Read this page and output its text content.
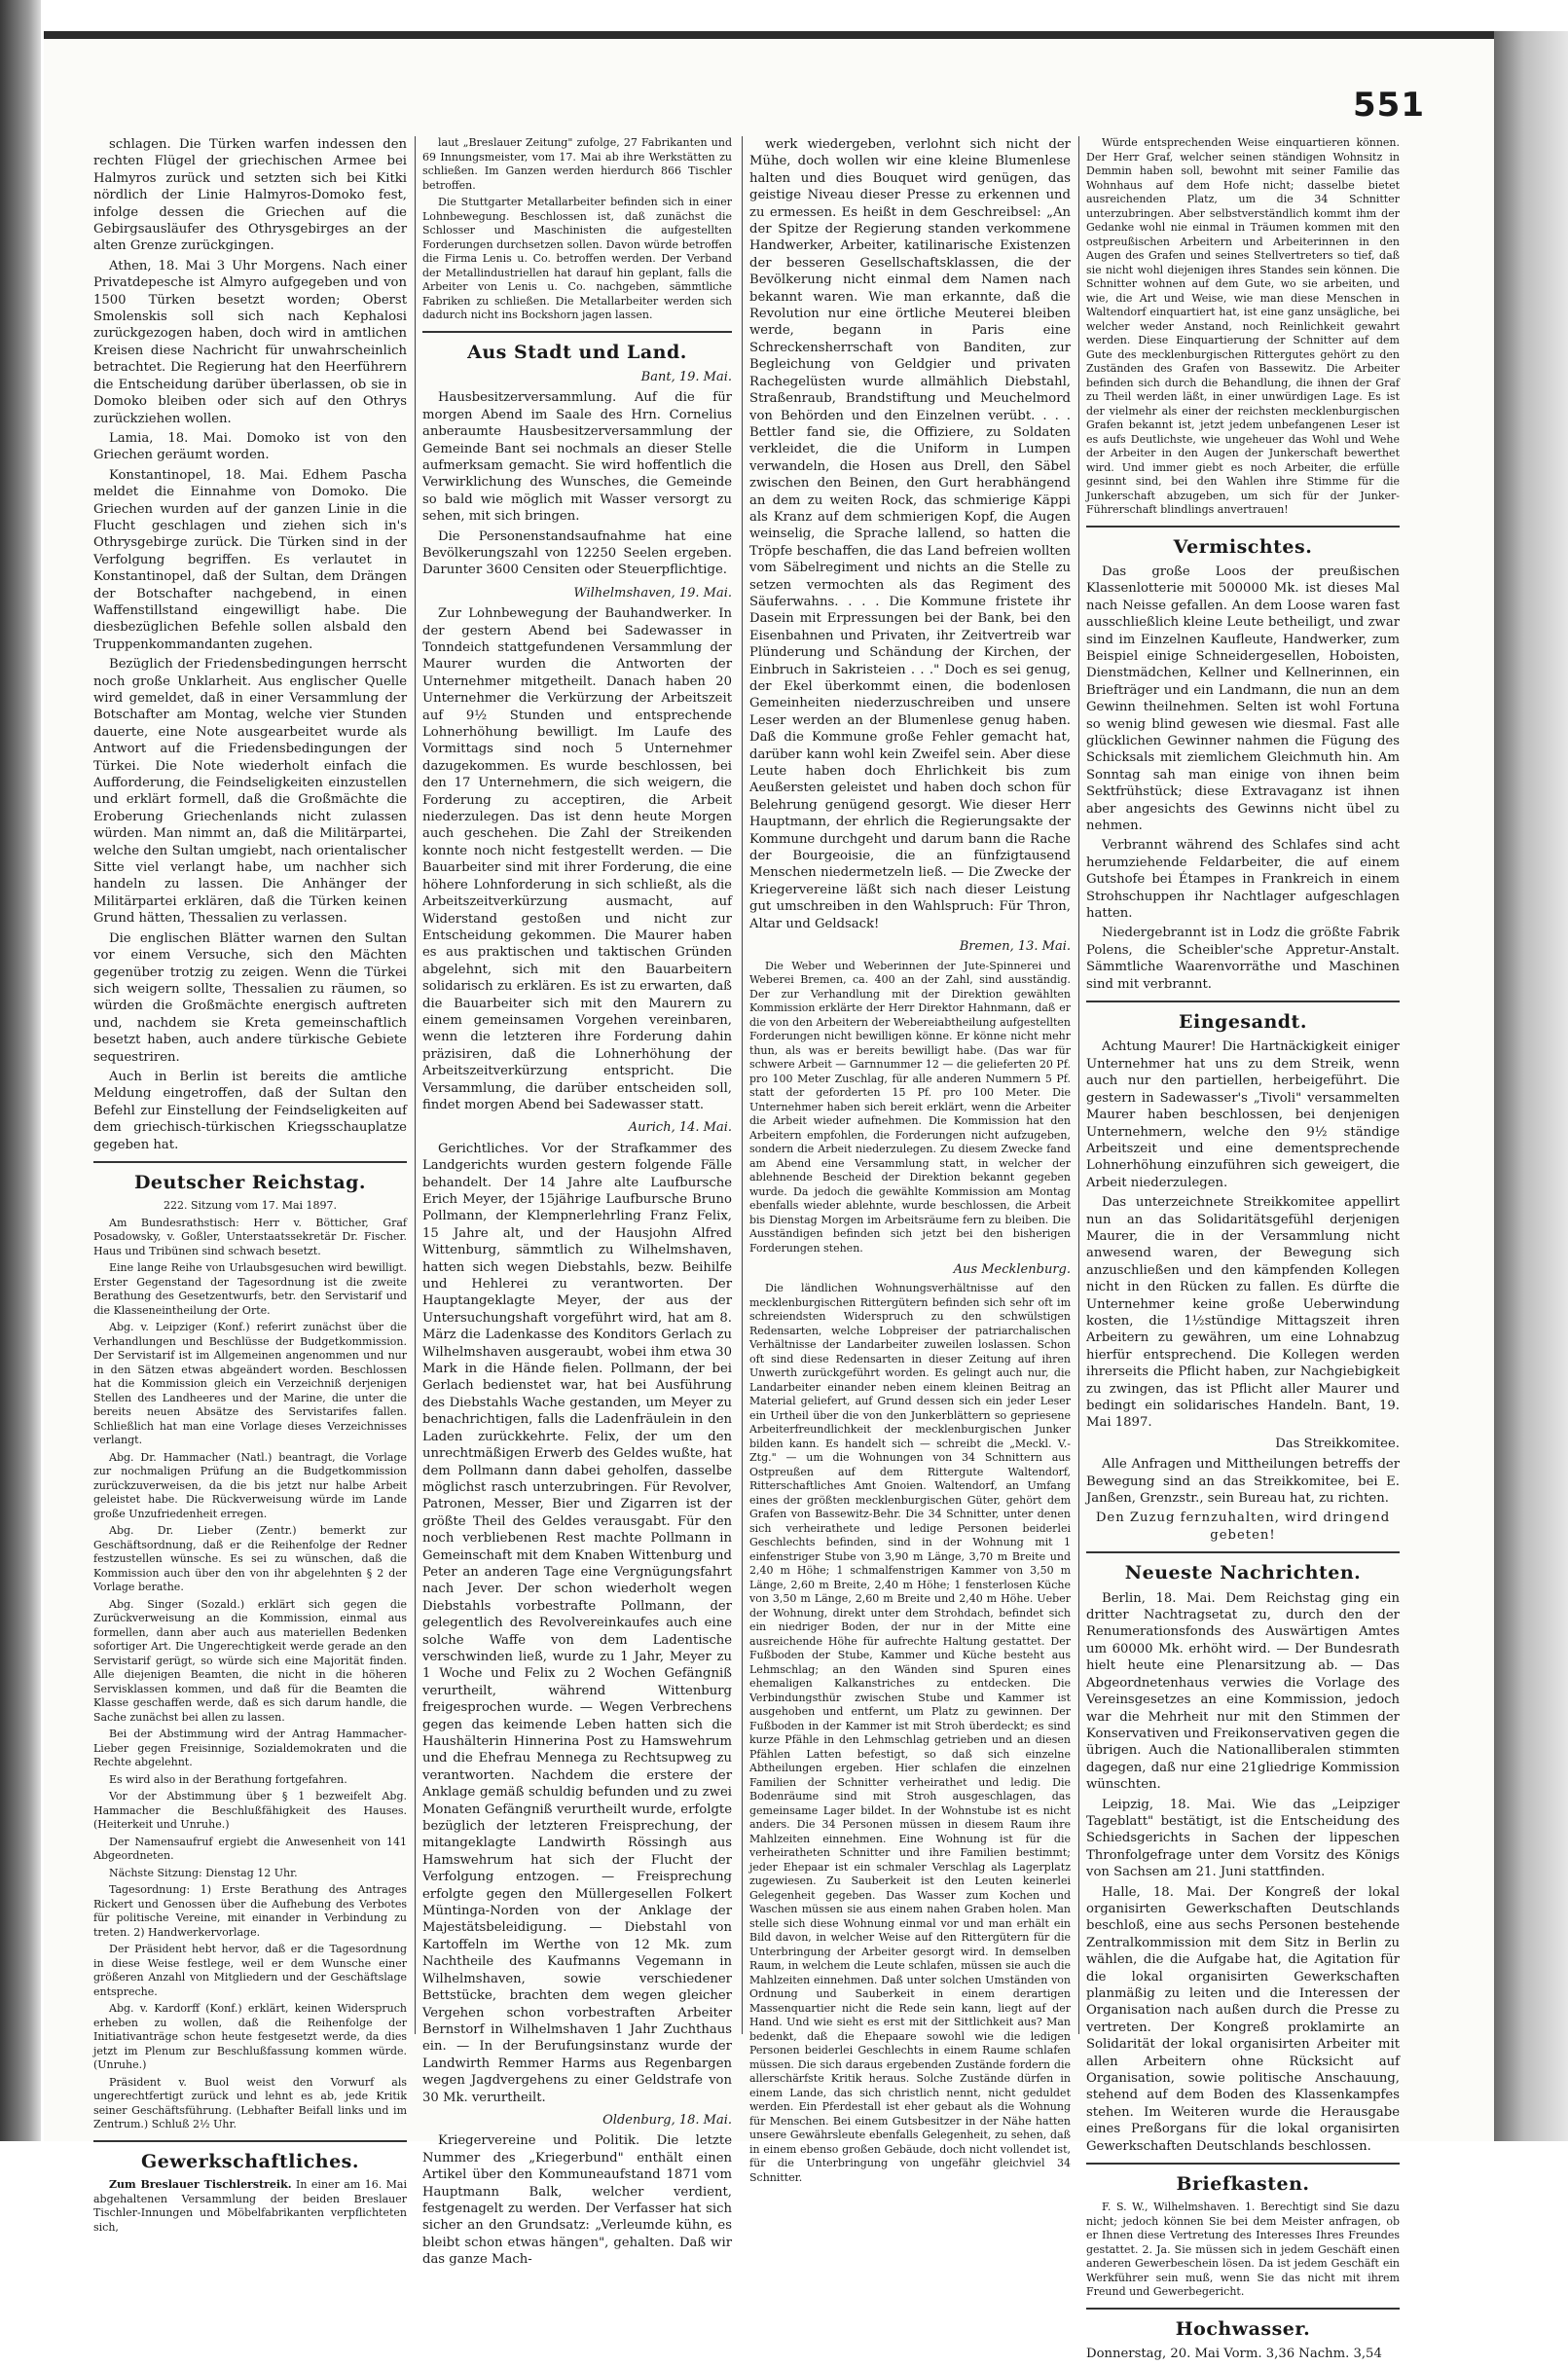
551

schlagen. Die Türken warfen indessen den rechten Flügel der griechischen Armee bei Halmyros zurück und setzten sich bei Kitki nördlich der Linie Halmyros-Domoko fest, infolge dessen die Griechen auf die Gebirgsausläufer des Othrysgebirges an der alten Grenze zurückgingen.

Athen, 18. Mai 3 Uhr Morgens. Nach einer Privatdepesche ist Almyro aufgegeben und von 1500 Türken besetzt worden; Oberst Smolenskis soll sich nach Kephalosi zurückgezogen haben, doch wird in amtlichen Kreisen diese Nachricht für unwahrscheinlich betrachtet. Die Regierung hat den Heerführern die Entscheidung darüber überlassen, ob sie in Domoko bleiben oder sich auf den Othrys zurückziehen wollen.

Lamia, 18. Mai. Domoko ist von den Griechen geräumt worden.

Konstantinopel, 18. Mai. Edhem Pascha meldet die Einnahme von Domoko. Die Griechen wurden auf der ganzen Linie in die Flucht geschlagen und ziehen sich in's Othrysgebirge zurück. Die Türken sind in der Verfolgung begriffen. Es verlautet in Konstantinopel, daß der Sultan, dem Drängen der Botschafter nachgebend, in einen Waffenstillstand eingewilligt habe. Die diesbezüglichen Befehle sollen alsbald den Truppenkommandanten zugehen.

Bezüglich der Friedensbedingungen herrscht noch große Unklarheit. Aus englischer Quelle wird gemeldet, daß in einer Versammlung der Botschafter am Montag, welche vier Stunden dauerte, eine Note ausgearbeitet wurde als Antwort auf die Friedensbedingungen der Türkei. Die Note wiederholt einfach die Aufforderung, die Feindseligkeiten einzustellen und erklärt formell, daß die Großmächte die Eroberung Griechenlands nicht zulassen würden. Man nimmt an, daß die Militärpartei, welche den Sultan umgiebt, nach orientalischer Sitte viel verlangt habe, um nachher sich handeln zu lassen. Die Anhänger der Militärpartei erklären, daß die Türken keinen Grund hätten, Thessalien zu verlassen.

Die englischen Blätter warnen den Sultan vor einem Versuche, sich den Mächten gegenüber trotzig zu zeigen. Wenn die Türkei sich weigern sollte, Thessalien zu räumen, so würden die Großmächte energisch auftreten und, nachdem sie Kreta gemeinschaftlich besetzt haben, auch andere türkische Gebiete sequestriren.

Auch in Berlin ist bereits die amtliche Meldung eingetroffen, daß der Sultan den Befehl zur Einstellung der Feindseligkeiten auf dem griechisch-türkischen Kriegsschauplatze gegeben hat.

Deutscher Reichstag.

222. Sitzung vom 17. Mai 1897.

Am Bundesrathstisch: Herr v. Bötticher, Graf Posadowsky, v. Goßler, Unterstaatssekretär Dr. Fischer. Haus und Tribünen sind schwach besetzt.

Eine lange Reihe von Urlaubsgesuchen wird bewilligt. Erster Gegenstand der Tagesordnung ist die zweite Berathung des Gesetzentwurfs, betr. den Servistarif und die Klasseneintheilung der Orte.

Abg. v. Leipziger (Konf.) referirt zunächst über die Verhandlungen und Beschlüsse der Budgetkommission. Der Servistarif ist im Allgemeinen angenommen und nur in den Sätzen etwas abgeändert worden. Beschlossen hat die Kommission gleich ein Verzeichniß derjenigen Stellen des Landheeres und der Marine, die unter die bereits neuen Absätze des Servistarifes fallen. Schließlich hat man eine Vorlage dieses Verzeichnisses verlangt.

Abg. Dr. Hammacher (Natl.) beantragt, die Vorlage zur nochmaligen Prüfung an die Budgetkommission zurückzuverweisen, da die bis jetzt nur halbe Arbeit geleistet habe. Die Rückverweisung würde im Lande große Unzufriedenheit erregen.

Abg. Dr. Lieber (Zentr.) bemerkt zur Geschäftsordnung, daß er die Reihenfolge der Redner festzustellen wünsche. Es sei zu wünschen, daß die Kommission auch über den von ihr abgelehnten § 2 der Vorlage berathe.

Abg. Singer (Sozald.) erklärt sich gegen die Zurückverweisung an die Kommission, einmal aus formellen, dann aber auch aus materiellen Bedenken sofortiger Art. Die Ungerechtigkeit werde gerade an den Servistarif gerügt, so würde sich eine Majorität finden. Alle diejenigen Beamten, die nicht in die höheren Servisklassen kommen, und daß für die Beamten die Klasse geschaffen werde, daß es sich darum handle, die Sache zunächst bei allen zu lassen.

Bei der Abstimmung wird der Antrag Hammacher-Lieber gegen Freisinnige, Sozialdemokraten und die Rechte abgelehnt.

Es wird also in der Berathung fortgefahren.

Vor der Abstimmung über § 1 bezweifelt Abg. Hammacher die Beschlußfähigkeit des Hauses. (Heiterkeit und Unruhe.)

Der Namensaufruf ergiebt die Anwesenheit von 141 Abgeordneten.

Nächste Sitzung: Dienstag 12 Uhr.

Tagesordnung: 1) Erste Berathung des Antrages Rickert und Genossen über die Aufhebung des Verbotes für politische Vereine, mit einander in Verbindung zu treten. 2) Handwerkervorlage.

Der Präsident hebt hervor, daß er die Tagesordnung in diese Weise festlege, weil er dem Wunsche einer größeren Anzahl von Mitgliedern und der Geschäftslage entspreche.

Abg. v. Kardorff (Konf.) erklärt, keinen Widerspruch erheben zu wollen, daß die Reihenfolge der Initiativanträge schon heute festgesetzt werde, da dies jetzt im Plenum zur Beschlußfassung kommen würde. (Unruhe.)

Präsident v. Buol weist den Vorwurf als ungerechtfertigt zurück und lehnt es ab, jede Kritik seiner Geschäftsführung. (Lebhafter Beifall links und im Zentrum.) Schluß 2½ Uhr.

Gewerkschaftliches.

Zum Breslauer Tischlerstreik. In einer am 16. Mai abgehaltenen Versammlung der beiden Breslauer Tischler-Innungen und Möbelfabrikanten verpflichteten sich,

laut „Breslauer Zeitung" zufolge, 27 Fabrikanten und 69 Innungsmeister, vom 17. Mai ab ihre Werkstätten zu schließen. Im Ganzen werden hierdurch 866 Tischler betroffen.

Die Stuttgarter Metallarbeiter befinden sich in einer Lohnbewegung. Beschlossen ist, daß zunächst die Schlosser und Maschinisten die aufgestellten Forderungen durchsetzen sollen. Davon würde betroffen die Firma Lenis u. Co. betroffen werden. Der Verband der Metallindustriellen hat darauf hin geplant, falls die Arbeiter von Lenis u. Co. nachgeben, sämmtliche Fabriken zu schließen. Die Metallarbeiter werden sich dadurch nicht ins Bockshorn jagen lassen.

Aus Stadt und Land.
Bant, 19. Mai.

Hausbesitzerversammlung. Auf die für morgen Abend im Saale des Hrn. Cornelius anberaumte Hausbesitzerversammlung der Gemeinde Bant sei nochmals an dieser Stelle aufmerksam gemacht. Sie wird hoffentlich die Verwirklichung des Wunsches, die Gemeinde so bald wie möglich mit Wasser versorgt zu sehen, mit sich bringen.

Die Personenstandsaufnahme hat eine Bevölkerungszahl von 12250 Seelen ergeben. Darunter 3600 Censiten oder Steuerpflichtige.

Wilhelmshaven, 19. Mai.

Zur Lohnbewegung der Bauhandwerker. In der gestern Abend bei Sadewasser in Tonndeich stattgefundenen Versammlung der Maurer wurden die Antworten der Unternehmer mitgetheilt. Danach haben 20 Unternehmer die Verkürzung der Arbeitszeit auf 9½ Stunden und entsprechende Lohnerhöhung bewilligt. Im Laufe des Vormittags sind noch 5 Unternehmer dazugekommen. Es wurde beschlossen, bei den 17 Unternehmern, die sich weigern, die Forderung zu acceptiren, die Arbeit niederzulegen. Das ist denn heute Morgen auch geschehen. Die Zahl der Streikenden konnte noch nicht festgestellt werden. — Die Bauarbeiter sind mit ihrer Forderung, die eine höhere Lohnforderung in sich schließt, als die Arbeitszeitverkürzung ausmacht, auf Widerstand gestoßen und nicht zur Entscheidung gekommen. Die Maurer haben es aus praktischen und taktischen Gründen abgelehnt, sich mit den Bauarbeitern solidarisch zu erklären. Es ist zu erwarten, daß die Bauarbeiter sich mit den Maurern zu einem gemeinsamen Vorgehen vereinbaren, wenn die letzteren ihre Forderung dahin präzisiren, daß die Lohnerhöhung der Arbeitszeitverkürzung entspricht. Die Versammlung, die darüber entscheiden soll, findet morgen Abend bei Sadewasser statt.

Aurich, 14. Mai.

Gerichtliches. Vor der Strafkammer des Landgerichts wurden gestern folgende Fälle behandelt. Der 14 Jahre alte Laufbursche Erich Meyer, der 15jährige Laufbursche Bruno Pollmann, der Klempnerlehrling Franz Felix, 15 Jahre alt, und der Hausjohn Alfred Wittenburg, sämmtlich zu Wilhelmshaven, hatten sich wegen Diebstahls, bezw. Beihilfe und Hehlerei zu verantworten. Der Hauptangeklagte Meyer, der aus der Untersuchungshaft vorgeführt wird, hat am 8. März die Ladenkasse des Konditors Gerlach zu Wilhelmshaven ausgeraubt, wobei ihm etwa 30 Mark in die Hände fielen. Pollmann, der bei Gerlach bedienstet war, hat bei Ausführung des Diebstahls Wache gestanden, um Meyer zu benachrichtigen, falls die Ladenfräulein in den Laden zurückkehrte. Felix, der um den unrechtmäßigen Erwerb des Geldes wußte, hat dem Pollmann dann dabei geholfen, dasselbe möglichst rasch unterzubringen. Für Revolver, Patronen, Messer, Bier und Zigarren ist der größte Theil des Geldes verausgabt. Für den noch verbliebenen Rest machte Pollmann in Gemeinschaft mit dem Knaben Wittenburg und Peter an anderen Tage eine Vergnügungsfahrt nach Jever. Der schon wiederholt wegen Diebstahls vorbestrafte Pollmann, der gelegentlich des Revolvereinkaufes auch eine solche Waffe von dem Ladentische verschwinden ließ, wurde zu 1 Jahr, Meyer zu 1 Woche und Felix zu 2 Wochen Gefängniß verurtheilt, während Wittenburg freigesprochen wurde. — Wegen Verbrechens gegen das keimende Leben hatten sich die Haushälterin Hinnerina Post zu Hamswehrum und die Ehefrau Mennega zu Rechtsupweg zu verantworten. Nachdem die erstere der Anklage gemäß schuldig befunden und zu zwei Monaten Gefängniß verurtheilt wurde, erfolgte bezüglich der letzteren Freisprechung, der mitangeklagte Landwirth Rössingh aus Hamswehrum hat sich der Flucht der Verfolgung entzogen. — Freisprechung erfolgte gegen den Müllergesellen Folkert Müntinga-Norden von der Anklage der Majestätsbeleidigung. — Diebstahl von Kartoffeln im Werthe von 12 Mk. zum Nachtheile des Kaufmanns Vegemann in Wilhelmshaven, sowie verschiedener Bettstücke, brachten dem wegen gleicher Vergehen schon vorbestraften Arbeiter Bernstorf in Wilhelmshaven 1 Jahr Zuchthaus ein. — In der Berufungsinstanz wurde der Landwirth Remmer Harms aus Regenbargen wegen Jagdvergehens zu einer Geldstrafe von 30 Mk. verurtheilt.

Oldenburg, 18. Mai.

Kriegervereine und Politik. Die letzte Nummer des „Kriegerbund" enthält einen Artikel über den Kommuneaufstand 1871 vom Hauptmann Balk, welcher verdient, festgenagelt zu werden. Der Verfasser hat sich sicher an den Grundsatz: „Verleumde kühn, es bleibt schon etwas hängen", gehalten. Daß wir das ganze Mach-

werk wiedergeben, verlohnt sich nicht der Mühe, doch wollen wir eine kleine Blumenlese halten und dies Bouquet wird genügen, das geistige Niveau dieser Presse zu erkennen und zu ermessen. Es heißt in dem Geschreibsel: „An der Spitze der Regierung standen verkommene Handwerker, Arbeiter, katilinarische Existenzen der besseren Gesellschaftsklassen, die der Bevölkerung nicht einmal dem Namen nach bekannt waren. Wie man erkannte, daß die Revolution nur eine örtliche Meuterei bleiben werde, begann in Paris eine Schreckensherrschaft von Banditen, zur Begleichung von Geldgier und privaten Rachegelüsten wurde allmählich Diebstahl, Straßenraub, Brandstiftung und Meuchelmord von Behörden und den Einzelnen verübt. . . . Bettler fand sie, die Offiziere, zu Soldaten verkleidet, die die Uniform in Lumpen verwandeln, die Hosen aus Drell, den Säbel zwischen den Beinen, den Gurt herabhängend an dem zu weiten Rock, das schmierige Käppi als Kranz auf dem schmierigen Kopf, die Augen weinselig, die Sprache lallend, so hatten die Tröpfe beschaffen, die das Land befreien wollten vom Säbelregiment und nichts an die Stelle zu setzen vermochten als das Regiment des Säuferwahns. . . . Die Kommune fristete ihr Dasein mit Erpressungen bei der Bank, bei den Eisenbahnen und Privaten, ihr Zeitvertreib war Plünderung und Schändung der Kirchen, der Einbruch in Sakristeien . . ." Doch es sei genug, der Ekel überkommt einen, die bodenlosen Gemeinheiten niederzuschreiben und unsere Leser werden an der Blumenlese genug haben. Daß die Kommune große Fehler gemacht hat, darüber kann wohl kein Zweifel sein. Aber diese Leute haben doch Ehrlichkeit bis zum Aeußersten geleistet und haben doch schon für Belehrung genügend gesorgt. Wie dieser Herr Hauptmann, der ehrlich die Regierungsakte der Kommune durchgeht und darum bann die Rache der Bourgeoisie, die an fünfzigtausend Menschen niedermetzeln ließ. — Die Zwecke der Kriegervereine läßt sich nach dieser Leistung gut umschreiben in den Wahlspruch: Für Thron, Altar und Geldsack!

Bremen, 13. Mai.

Die Weber und Weberinnen der Jute-Spinnerei und Weberei Bremen, ca. 400 an der Zahl, sind ausständig. Der zur Verhandlung mit der Direktion gewählten Kommission erklärte der Herr Direktor Hahnmann, daß er die von den Arbeitern der Webereiabtheilung aufgestellten Forderungen nicht bewilligen könne. Er könne nicht mehr thun, als was er bereits bewilligt habe. (Das war für schwere Arbeit — Garnnummer 12 — die gelieferten 20 Pf. pro 100 Meter Zuschlag, für alle anderen Nummern 5 Pf. statt der geforderten 15 Pf. pro 100 Meter. Die Unternehmer haben sich bereit erklärt, wenn die Arbeiter die Arbeit wieder aufnehmen. Die Kommission hat den Arbeitern empfohlen, die Forderungen nicht aufzugeben, sondern die Arbeit niederzulegen. Zu diesem Zwecke fand am Abend eine Versammlung statt, in welcher der ablehnende Bescheid der Direktion bekannt gegeben wurde. Da jedoch die gewählte Kommission am Montag ebenfalls wieder ablehnte, wurde beschlossen, die Arbeit bis Dienstag Morgen im Arbeitsräume fern zu bleiben. Die Ausständigen befinden sich jetzt bei den bisherigen Forderungen stehen.

Aus Mecklenburg.

Die ländlichen Wohnungsverhältnisse auf den mecklenburgischen Rittergütern befinden sich sehr oft im schreiendsten Widerspruch zu den schwülstigen Redensarten, welche Lobpreiser der patriarchalischen Verhältnisse der Landarbeiter zuweilen loslassen. Schon oft sind diese Redensarten in dieser Zeitung auf ihren Unwerth zurückgeführt worden. Es gelingt auch nur, die Landarbeiter einander neben einem kleinen Beitrag an Material geliefert, auf Grund dessen sich ein jeder Leser ein Urtheil über die von den Junkerblättern so gepriesene Arbeiterfreundlichkeit der mecklenburgischen Junker bilden kann. Es handelt sich — schreibt die „Meckl. V.-Ztg." — um die Wohnungen von 34 Schnittern aus Ostpreußen auf dem Rittergute Waltendorf, Ritterschaftliches Amt Gnoien. Waltendorf, an Umfang eines der größten mecklenburgischen Güter, gehört dem Grafen von Bassewitz-Behr. Die 34 Schnitter, unter denen sich verheirathete und ledige Personen beiderlei Geschlechts befinden, sind in der Wohnung mit 1 einfenstriger Stube von 3,90 m Länge, 3,70 m Breite und 2,40 m Höhe; 1 schmalfenstrigen Kammer von 3,50 m Länge, 2,60 m Breite, 2,40 m Höhe; 1 fensterlosen Küche von 3,50 m Länge, 2,60 m Breite und 2,40 m Höhe. Ueber der Wohnung, direkt unter dem Strohdach, befindet sich ein niedriger Boden, der nur in der Mitte eine ausreichende Höhe für aufrechte Haltung gestattet. Der Fußboden der Stube, Kammer und Küche besteht aus Lehmschlag; an den Wänden sind Spuren eines ehemaligen Kalkanstriches zu entdecken. Die Verbindungsthür zwischen Stube und Kammer ist ausgehoben und entfernt, um Platz zu gewinnen. Der Fußboden in der Kammer ist mit Stroh überdeckt; es sind kurze Pfähle in den Lehmschlag getrieben und an diesen Pfählen Latten befestigt, so daß sich einzelne Abtheilungen ergeben. Hier schlafen die einzelnen Familien der Schnitter verheirathet und ledig. Die Bodenräume sind mit Stroh ausgeschlagen, das gemeinsame Lager bildet. In der Wohnstube ist es nicht anders. Die 34 Personen müssen in diesem Raum ihre Mahlzeiten einnehmen. Eine Wohnung ist für die verheiratheten Schnitter und ihre Familien bestimmt; jeder Ehepaar ist ein schmaler Verschlag als Lagerplatz zugewiesen. Zu Sauberkeit ist den Leuten keinerlei Gelegenheit gegeben. Das Wasser zum Kochen und Waschen müssen sie aus einem nahen Graben holen. Man stelle sich diese Wohnung einmal vor und man erhält ein Bild davon, in welcher Weise auf den Rittergütern für die Unterbringung der Arbeiter gesorgt wird. In demselben Raum, in welchem die Leute schlafen, müssen sie auch die Mahlzeiten einnehmen. Daß unter solchen Umständen von Ordnung und Sauberkeit in einem derartigen Massenquartier nicht die Rede sein kann, liegt auf der Hand. Und wie sieht es erst mit der Sittlichkeit aus? Man bedenkt, daß die Ehepaare sowohl wie die ledigen Personen beiderlei Geschlechts in einem Raume schlafen müssen. Die sich daraus ergebenden Zustände fordern die allerschärfste Kritik heraus. Solche Zustände dürfen in einem Lande, das sich christlich nennt, nicht geduldet werden. Ein Pferdestall ist eher gebaut als die Wohnung für Menschen. Bei einem Gutsbesitzer in der Nähe hatten unsere Gewährsleute ebenfalls Gelegenheit, zu sehen, daß in einem ebenso großen Gebäude, doch nicht vollendet ist, für die Unterbringung von ungefähr gleichviel 34 Schnitter.

Würde entsprechenden Weise einquartieren können. Der Herr Graf, welcher seinen ständigen Wohnsitz in Demmin haben soll, bewohnt mit seiner Familie das Wohnhaus auf dem Hofe nicht; dasselbe bietet ausreichenden Platz, um die 34 Schnitter unterzubringen. Aber selbstverständlich kommt ihm der Gedanke wohl nie einmal in Träumen kommen mit den ostpreußischen Arbeitern und Arbeiterinnen in den Augen des Grafen und seines Stellvertreters so tief, daß sie nicht wohl diejenigen ihres Standes sein können. Die Schnitter wohnen auf dem Gute, wo sie arbeiten, und wie, die Art und Weise, wie man diese Menschen in Waltendorf einquartiert hat, ist eine ganz unsägliche, bei welcher weder Anstand, noch Reinlichkeit gewahrt werden. Diese Einquartierung der Schnitter auf dem Gute des mecklenburgischen Rittergutes gehört zu den Zuständen des Grafen von Bassewitz. Die Arbeiter befinden sich durch die Behandlung, die ihnen der Graf zu Theil werden läßt, in einer unwürdigen Lage. Es ist der vielmehr als einer der reichsten mecklenburgischen Grafen bekannt ist, jetzt jedem unbefangenen Leser ist es aufs Deutlichste, wie ungeheuer das Wohl und Wehe der Arbeiter in den Augen der Junkerschaft bewerthet wird. Und immer giebt es noch Arbeiter, die erfülle gesinnt sind, bei den Wahlen ihre Stimme für die Junkerschaft abzugeben, um sich für der Junker-Führerschaft blindlings anvertrauen!

Vermischtes.

Das große Loos der preußischen Klassenlotterie mit 500000 Mk. ist dieses Mal nach Neisse gefallen. An dem Loose waren fast ausschließlich kleine Leute betheiligt, und zwar sind im Einzelnen Kaufleute, Handwerker, zum Beispiel einige Schneidergesellen, Hoboisten, Dienstmädchen, Kellner und Kellnerinnen, ein Briefträger und ein Landmann, die nun an dem Gewinn theilnehmen. Selten ist wohl Fortuna so wenig blind gewesen wie diesmal. Fast alle glücklichen Gewinner nahmen die Fügung des Schicksals mit ziemlichem Gleichmuth hin. Am Sonntag sah man einige von ihnen beim Sektfrühstück; diese Extravaganz ist ihnen aber angesichts des Gewinns nicht übel zu nehmen.

Verbrannt während des Schlafes sind acht herumziehende Feldarbeiter, die auf einem Gutshofe bei Étampes in Frankreich in einem Strohschuppen ihr Nachtlager aufgeschlagen hatten.

Niedergebrannt ist in Lodz die größte Fabrik Polens, die Scheibler'sche Appretur-Anstalt. Sämmtliche Waarenvorräthe und Maschinen sind mit verbrannt.

Eingesandt.

Achtung Maurer! Die Hartnäckigkeit einiger Unternehmer hat uns zu dem Streik, wenn auch nur den partiellen, herbeigeführt. Die gestern in Sadewasser's „Tivoli" versammelten Maurer haben beschlossen, bei denjenigen Unternehmern, welche den 9½ ständige Arbeitszeit und eine dementsprechende Lohnerhöhung einzuführen sich geweigert, die Arbeit niederzulegen.

Das unterzeichnete Streikkomitee appellirt nun an das Solidaritätsgefühl derjenigen Maurer, die in der Versammlung nicht anwesend waren, der Bewegung sich anzuschließen und den kämpfenden Kollegen nicht in den Rücken zu fallen. Es dürfte die Unternehmer keine große Ueberwindung kosten, die 1½stündige Mittagszeit ihren Arbeitern zu gewähren, um eine Lohnabzug hierfür entsprechend. Die Kollegen werden ihrerseits die Pflicht haben, zur Nachgiebigkeit zu zwingen, das ist Pflicht aller Maurer und bedingt ein solidarisches Handeln. Bant, 19. Mai 1897.

Das Streikkomitee.

Alle Anfragen und Mittheilungen betreffs der Bewegung sind an das Streikkomitee, bei E. Janßen, Grenzstr., sein Bureau hat, zu richten.

Den Zuzug fernzuhalten, wird dringend gebeten!

Neueste Nachrichten.

Berlin, 18. Mai. Dem Reichstag ging ein dritter Nachtragsetat zu, durch den der Renumerationsfonds des Auswärtigen Amtes um 60000 Mk. erhöht wird. — Der Bundesrath hielt heute eine Plenarsitzung ab. — Das Abgeordnetenhaus verwies die Vorlage des Vereinsgesetzes an eine Kommission, jedoch war die Mehrheit nur mit den Stimmen der Konservativen und Freikonservativen gegen die übrigen. Auch die Nationalliberalen stimmten dagegen, daß nur eine 21gliedrige Kommission wünschten.

Leipzig, 18. Mai. Wie das „Leipziger Tageblatt" bestätigt, ist die Entscheidung des Schiedsgerichts in Sachen der lippeschen Thronfolgefrage unter dem Vorsitz des Königs von Sachsen am 21. Juni stattfinden.

Halle, 18. Mai. Der Kongreß der lokal organisirten Gewerkschaften Deutschlands beschloß, eine aus sechs Personen bestehende Zentralkommission mit dem Sitz in Berlin zu wählen, die die Aufgabe hat, die Agitation für die lokal organisirten Gewerkschaften planmäßig zu leiten und die Interessen der Organisation nach außen durch die Presse zu vertreten. Der Kongreß proklamirte an Solidarität der lokal organisirten Arbeiter mit allen Arbeitern ohne Rücksicht auf Organisation, sowie politische Anschauung, stehend auf dem Boden des Klassenkampfes stehen. Im Weiteren wurde die Herausgabe eines Preßorgans für die lokal organisirten Gewerkschaften Deutschlands beschlossen.

Briefkasten.

F. S. W., Wilhelmshaven. 1. Berechtigt sind Sie dazu nicht; jedoch können Sie bei dem Meister anfragen, ob er Ihnen diese Vertretung des Interesses Ihres Freundes gestattet. 2. Ja. Sie müssen sich in jedem Geschäft einen anderen Gewerbeschein lösen. Da ist jedem Geschäft ein Werkführer sein muß, wenn Sie das nicht mit ihrem Freund und Gewerbegericht.

Hochwasser.

Donnerstag, 20. Mai Vorm. 3,36 Nachm. 3,54
